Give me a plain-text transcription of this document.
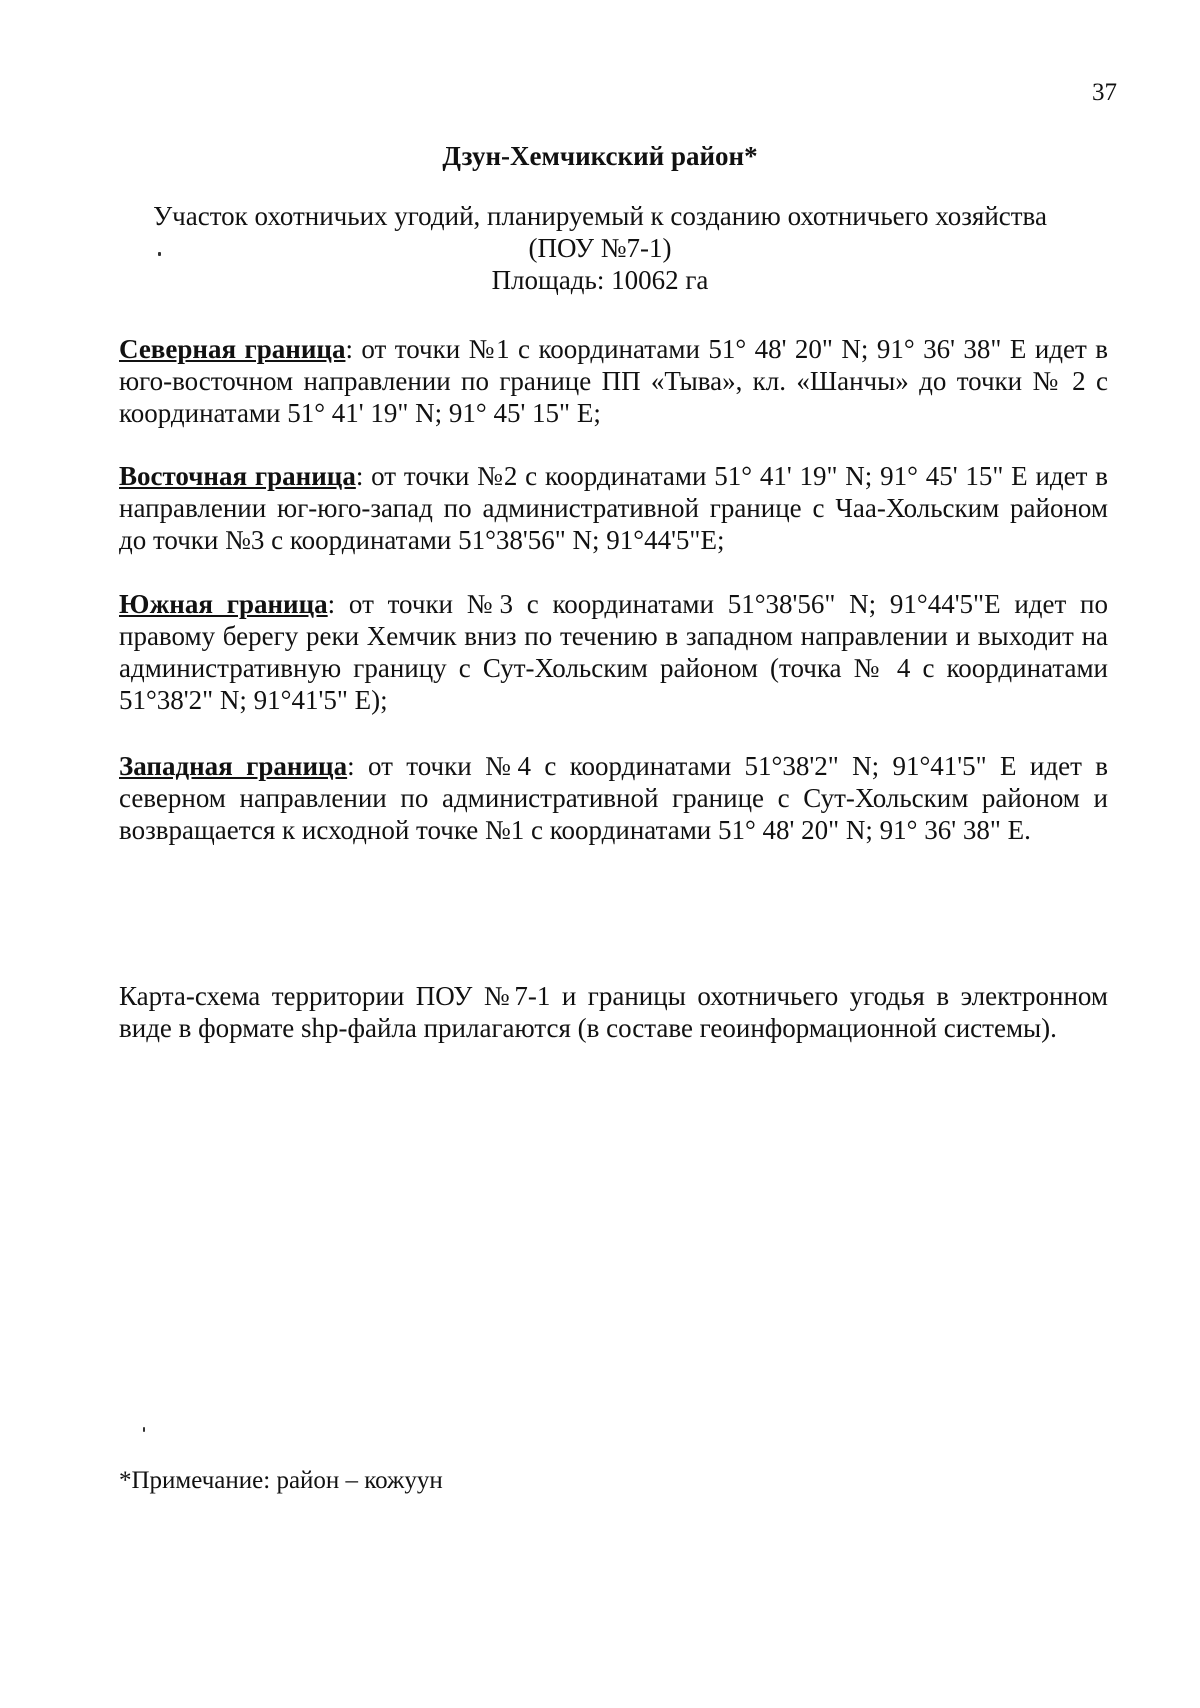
37
Дзун-Хемчикский район*
Участок охотничьих угодий, планируемый к созданию охотничьего хозяйства
(ПОУ №7-1)
Площадь: 10062 га
Северная граница: от точки №1 с координатами 51° 48' 20" N; 91° 36' 38" E идет в юго-восточном направлении по границе ПП «Тыва», кл. «Шанчы» до точки № 2 с координатами 51° 41' 19" N; 91° 45' 15" E;
Восточная граница: от точки №2 с координатами 51° 41' 19" N; 91° 45' 15" E идет в направлении юг-юго-запад по административной границе с Чаа-Хольским районом до точки №3 с координатами 51°38'56" N; 91°44'5"E;
Южная граница: от точки №3 с координатами 51°38'56" N; 91°44'5"E идет по правому берегу реки Хемчик вниз по течению в западном направлении и выходит на административную границу с Сут-Хольским районом (точка № 4 с координатами 51°38'2" N; 91°41'5" E);
Западная граница: от точки №4 с координатами 51°38'2" N; 91°41'5" E идет в северном направлении по административной границе с Сут-Хольским районом и возвращается к исходной точке №1 с координатами 51° 48' 20" N; 91° 36' 38" E.
Карта-схема территории ПОУ №7-1 и границы охотничьего угодья в электронном виде в формате shp-файла прилагаются (в составе геоинформационной системы).
*Примечание: район – кожуун
